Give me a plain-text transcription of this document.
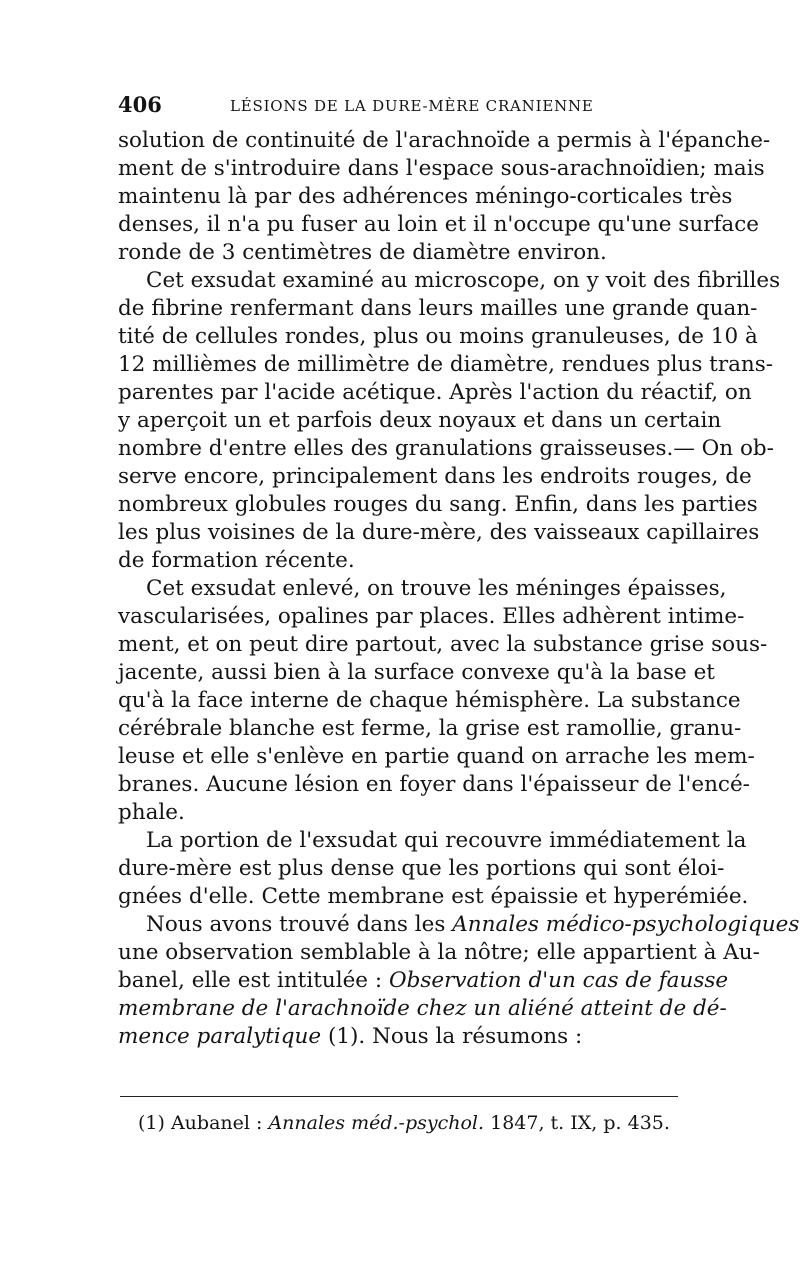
406	LÉSIONS DE LA DURE-MÈRE CRANIENNE
solution de continuité de l'arachnoïde a permis à l'épanche-
ment de s'introduire dans l'espace sous-arachnoïdien; mais
maintenu là par des adhérences méningo-corticales très
denses, il n'a pu fuser au loin et il n'occupe qu'une surface
ronde de 3 centimètres de diamètre environ.
Cet exsudat examiné au microscope, on y voit des fibrilles
de fibrine renfermant dans leurs mailles une grande quan-
tité de cellules rondes, plus ou moins granuleuses, de 10 à
12 millièmes de millimètre de diamètre, rendues plus trans-
parentes par l'acide acétique. Après l'action du réactif, on
y aperçoit un et parfois deux noyaux et dans un certain
nombre d'entre elles des granulations graisseuses.— On ob-
serve encore, principalement dans les endroits rouges, de
nombreux globules rouges du sang. Enfin, dans les parties
les plus voisines de la dure-mère, des vaisseaux capillaires
de formation récente.
Cet exsudat enlevé, on trouve les méninges épaisses,
vascularisées, opalines par places. Elles adhèrent intime-
ment, et on peut dire partout, avec la substance grise sous-
jacente, aussi bien à la surface convexe qu'à la base et
qu'à la face interne de chaque hémisphère. La substance
cérébrale blanche est ferme, la grise est ramollie, granu-
leuse et elle s'enlève en partie quand on arrache les mem-
branes. Aucune lésion en foyer dans l'épaisseur de l'encé-
phale.
La portion de l'exsudat qui recouvre immédiatement la
dure-mère est plus dense que les portions qui sont éloi-
gnées d'elle. Cette membrane est épaissie et hyperémiée.
Nous avons trouvé dans les Annales médico-psychologiques
une observation semblable à la nôtre; elle appartient à Au-
banel, elle est intitulée : Observation d'un cas de fausse
membrane de l'arachnoïde chez un aliéné atteint de dé-
mence paralytique (1). Nous la résumons :
(1) Aubanel : Annales méd.-psychol. 1847, t. IX, p. 435.
